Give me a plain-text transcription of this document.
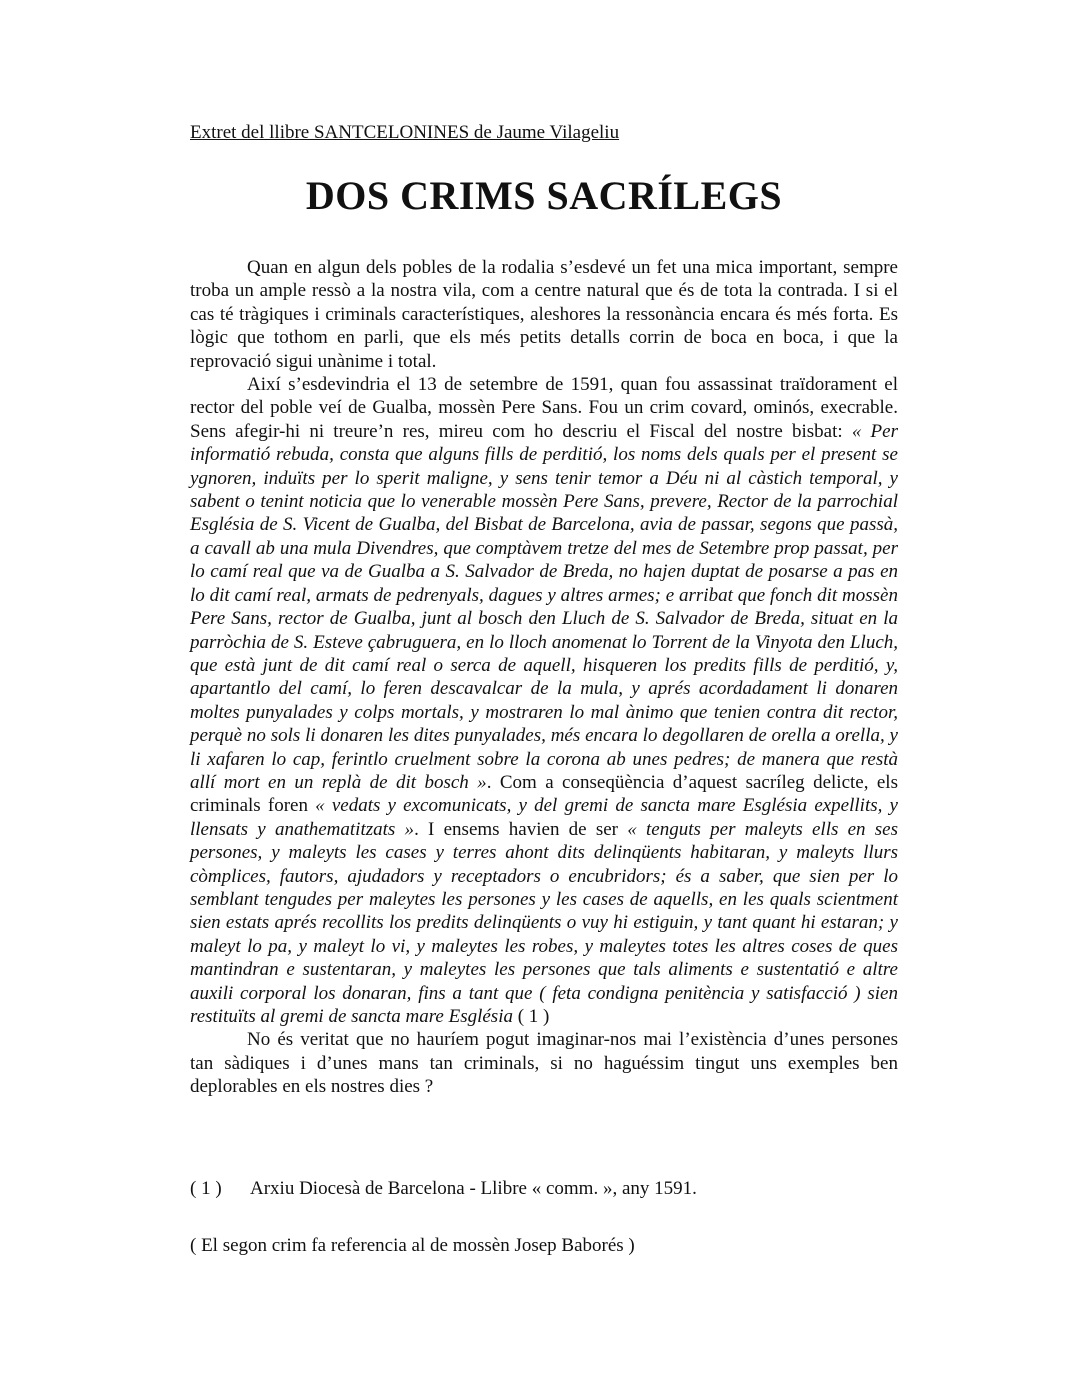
Extret del llibre SANTCELONINES de Jaume Vilageliu
DOS CRIMS SACRÍLEGS

Quan en algun dels pobles de la rodalia s’esdevé un fet una mica important, sempre troba un ample ressò a la nostra vila, com a centre natural que és de tota la contrada. I si el cas té tràgiques i criminals característiques, aleshores la ressonància encara és més forta. Es lògic que tothom en parli, que els més petits detalls corrin de boca en boca, i que la reprovació sigui unànime i total.

Així s’esdevindria el 13 de setembre de 1591, quan fou assassinat traïdorament el rector del poble veí de Gualba, mossèn Pere Sans. Fou un crim covard, ominós, execrable. Sens afegir-hi ni treure’n res, mireu com ho descriu el Fiscal del nostre bisbat: « Per informatió rebuda, consta que alguns fills de perditió, los noms dels quals per el present se ygnoren, induïts per lo sperit maligne, y sens tenir temor a Déu ni al càstich temporal, y sabent o tenint noticia que lo venerable mossèn Pere Sans, prevere, Rector de la parrochial Església de S. Vicent de Gualba, del Bisbat de Barcelona, avia de passar, segons que passà, a cavall ab una mula Divendres, que comptàvem tretze del mes de Setembre prop passat, per lo camí real que va de Gualba a S. Salvador de Breda, no hajen duptat de posarse a pas en lo dit camí real, armats de pedrenyals, dagues y altres armes; e arribat que fonch dit mossèn Pere Sans, rector de Gualba, junt al bosch den Lluch de S. Salvador de Breda, situat en la parròchia de S. Esteve çabruguera, en lo lloch anomenat lo Torrent de la Vinyota den Lluch, que està junt de dit camí real o serca de aquell, hisqueren los predits fills de perditió, y, apartantlo del camí, lo feren descavalcar de la mula, y aprés acordadament li donaren moltes punyalades y colps mortals, y mostraren lo mal ànimo que tenien contra dit rector, perquè no sols li donaren les dites punyalades, més encara lo degollaren de orella a orella, y li xafaren lo cap, ferintlo cruelment sobre la corona ab unes pedres; de manera que restà allí mort en un replà de dit bosch ». Com a conseqüència d’aquest sacríleg delicte, els criminals foren « vedats y excomunicats, y del gremi de sancta mare Església expellits, y llensats y anathematitzats ». I ensems havien de ser « tenguts per maleyts ells en ses persones, y maleyts les cases y terres ahont dits delinqüents habitaran, y maleyts llurs còmplices, fautors, ajudadors y receptadors o encubridors; és a saber, que sien per lo semblant tengudes per maleytes les persones y les cases de aquells, en les quals scientment sien estats aprés recollits los predits delinqüents o vuy hi estiguin, y tant quant hi estaran; y maleyt lo pa, y maleyt lo vi, y maleytes les robes, y maleytes totes les altres coses de ques mantindran e sustentaran, y maleytes les persones que tals aliments e sustentatió e altre auxili corporal los donaran, fins a tant que ( feta condigna penitència y satisfacció ) sien restituïts al gremi de sancta mare Església ( 1 )

No és veritat que no hauríem pogut imaginar-nos mai l’existència d’unes persones tan sàdiques i d’unes mans tan criminals, si no haguéssim tingut uns exemples ben deplorables en els nostres dies ?

( 1 ) Arxiu Diocesà de Barcelona - Llibre « comm. », any 1591.

( El segon crim fa referencia al de mossèn Josep Baborés )
